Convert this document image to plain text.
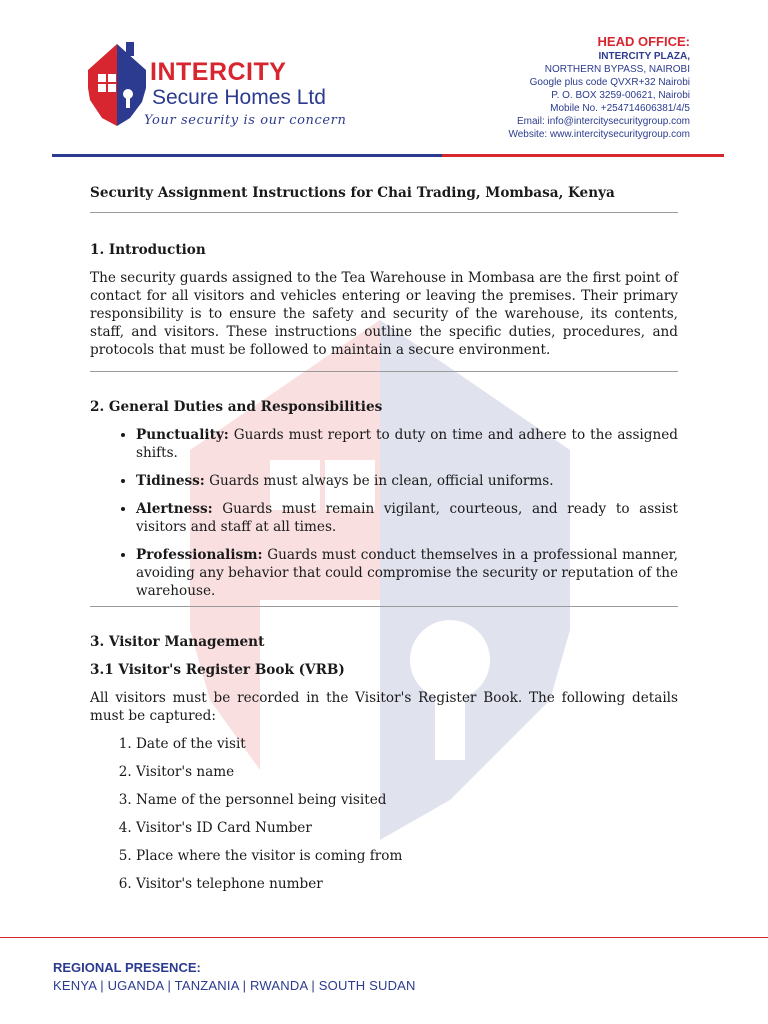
INTERCITY
Secure Homes Ltd
Your security is our concern
HEAD OFFICE:
INTERCITY PLAZA,
NORTHERN BYPASS, NAIROBI
Google plus code QVXR+32 Nairobi
P. O. BOX 3259-00621, Nairobi
Mobile No. +254714606381/4/5
Email: info@intercitysecuritygroup.com
Website: www.intercitysecuritygroup.com
Security Assignment Instructions for Chai Trading, Mombasa, Kenya
1. Introduction

The security guards assigned to the Tea Warehouse in Mombasa are the first point of contact for all visitors and vehicles entering or leaving the premises. Their primary responsibility is to ensure the safety and security of the warehouse, its contents, staff, and visitors. These instructions outline the specific duties, procedures, and protocols that must be followed to maintain a secure environment.

2. General Duties and Responsibilities
• Punctuality: Guards must report to duty on time and adhere to the assigned shifts.
• Tidiness: Guards must always be in clean, official uniforms.
• Alertness: Guards must remain vigilant, courteous, and ready to assist visitors and staff at all times.
• Professionalism: Guards must conduct themselves in a professional manner, avoiding any behavior that could compromise the security or reputation of the warehouse.
3. Visitor Management
3.1 Visitor's Register Book (VRB)

All visitors must be recorded in the Visitor's Register Book. The following details must be captured:

1. Date of the visit
2. Visitor's name
3. Name of the personnel being visited
4. Visitor's ID Card Number
5. Place where the visitor is coming from
6. Visitor's telephone number
REGIONAL PRESENCE:
KENYA | UGANDA | TANZANIA | RWANDA | SOUTH SUDAN
